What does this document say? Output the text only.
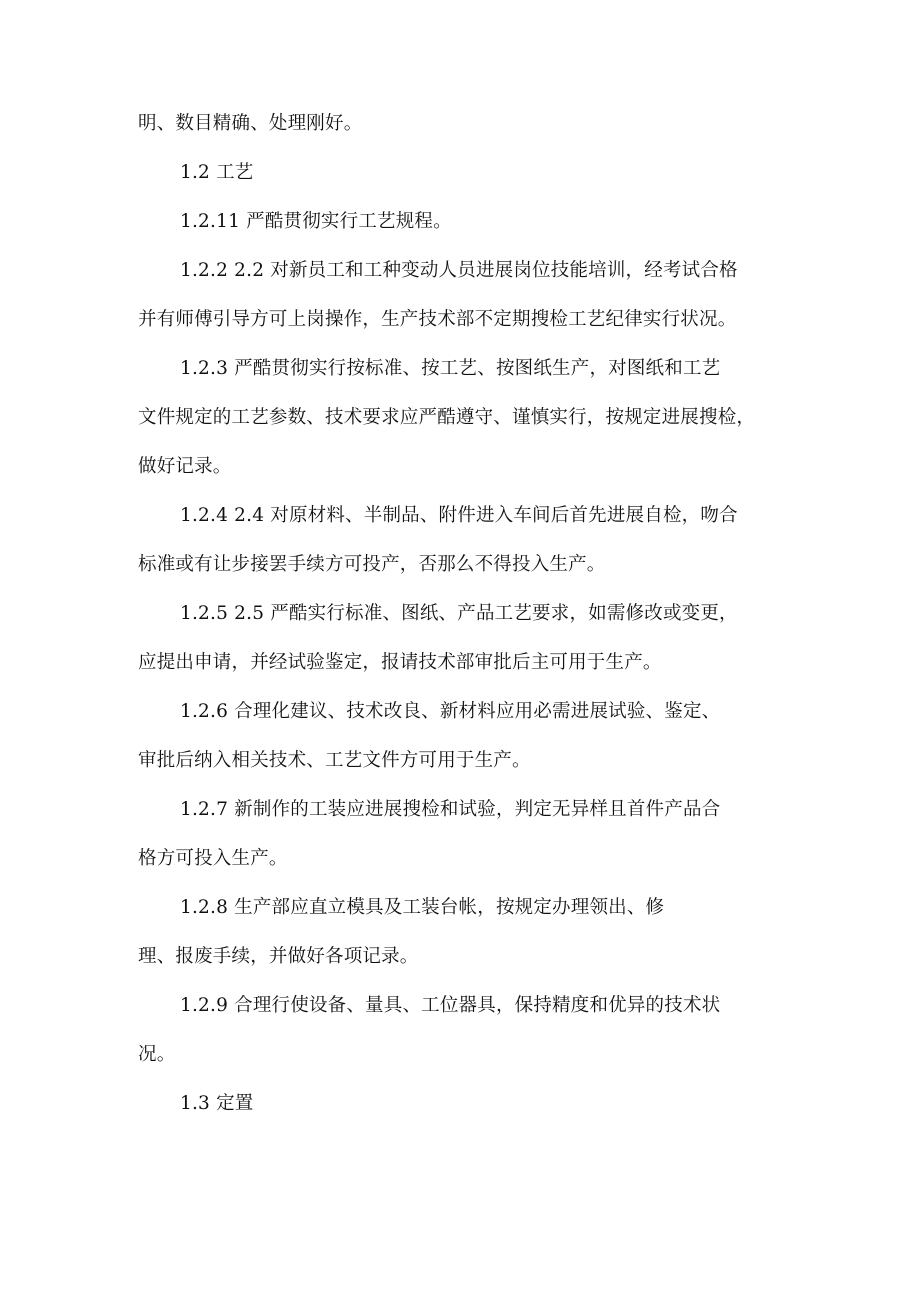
明、数目精确、处理刚好。
1.2 工艺
1.2.11 严酷贯彻实行工艺规程。
1.2.2 2.2 对新员工和工种变动人员进展岗位技能培训，经考试合格
并有师傅引导方可上岗操作，生产技术部不定期搜检工艺纪律实行状况。
1.2.3 严酷贯彻实行按标准、按工艺、按图纸生产，对图纸和工艺
文件规定的工艺参数、技术要求应严酷遵守、谨慎实行，按规定进展搜检，
做好记录。
1.2.4 2.4 对原材料、半制品、附件进入车间后首先进展自检，吻合
标准或有让步接罢手续方可投产，否那么不得投入生产。
1.2.5 2.5 严酷实行标准、图纸、产品工艺要求，如需修改或变更，
应提出申请，并经试验鉴定，报请技术部审批后主可用于生产。
1.2.6 合理化建议、技术改良、新材料应用必需进展试验、鉴定、
审批后纳入相关技术、工艺文件方可用于生产。
1.2.7 新制作的工装应进展搜检和试验，判定无异样且首件产品合
格方可投入生产。
1.2.8 生产部应直立模具及工装台帐，按规定办理领出、修
理、报废手续，并做好各项记录。
1.2.9 合理行使设备、量具、工位器具，保持精度和优异的技术状
况。
1.3 定置
